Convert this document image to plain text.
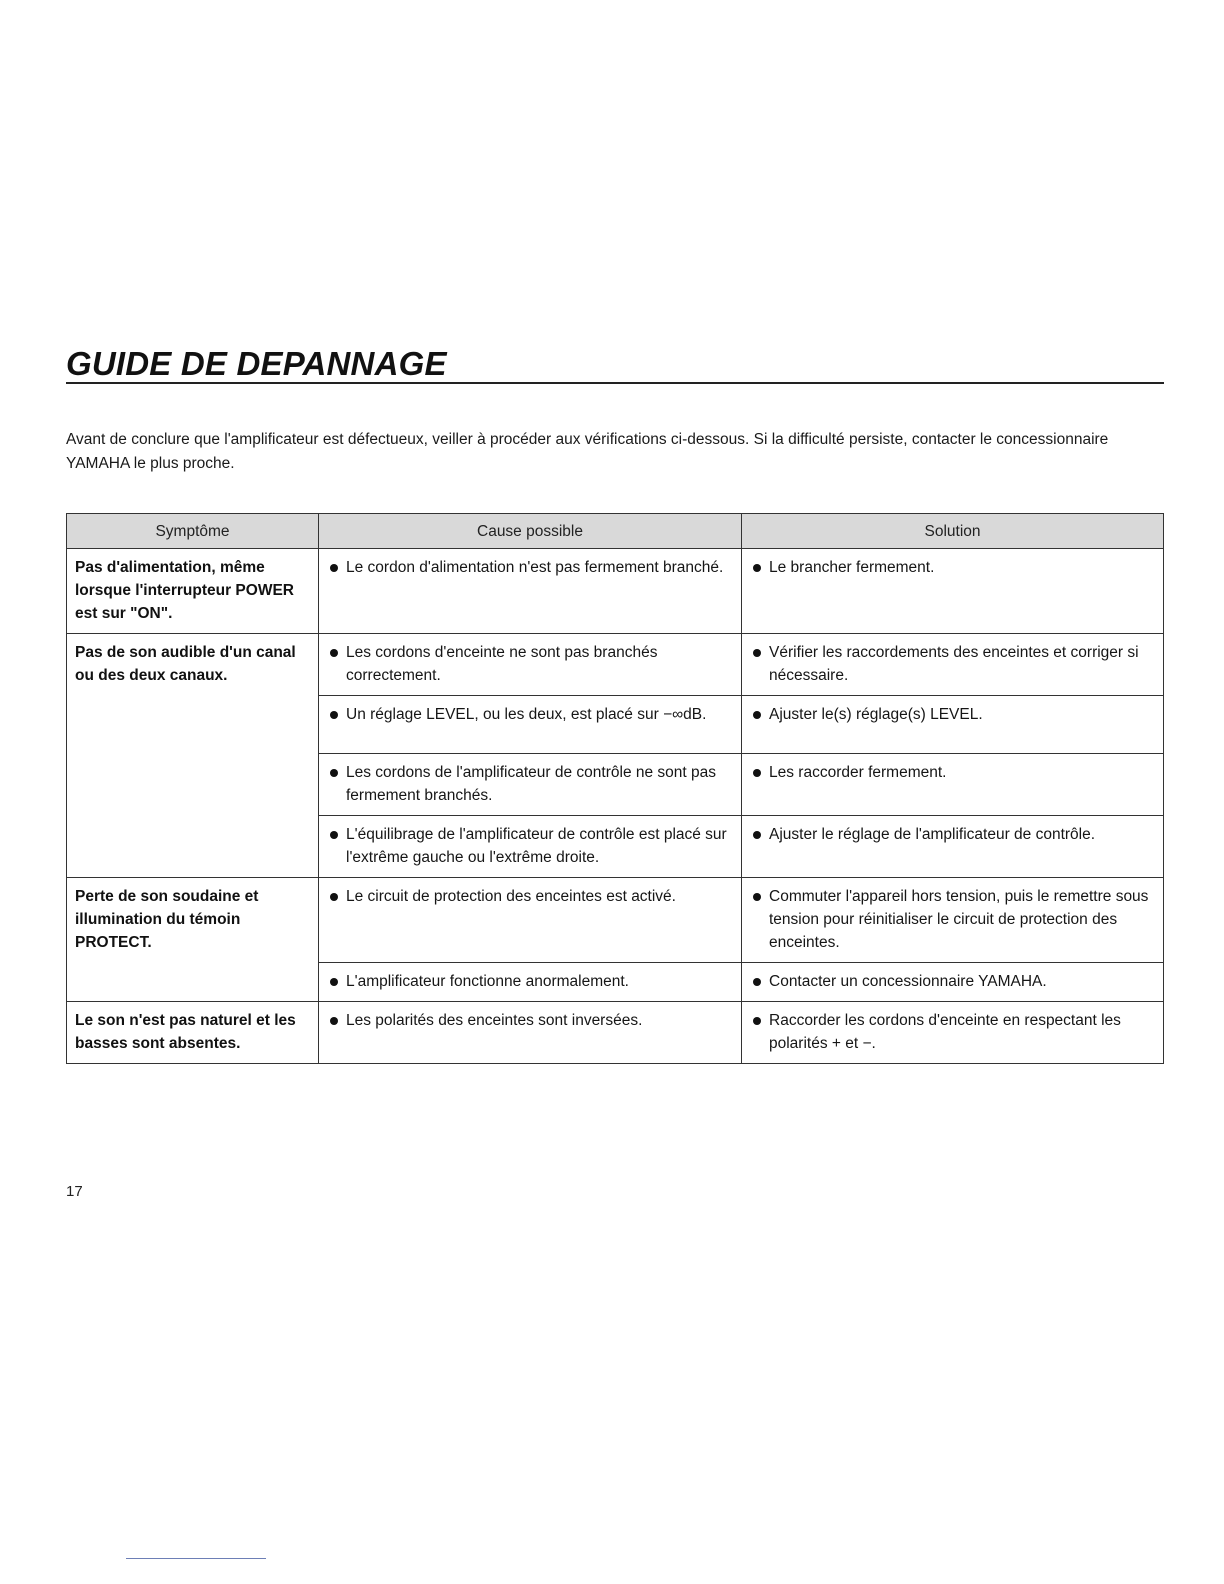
GUIDE DE DEPANNAGE

Avant de conclure que l'amplificateur est défectueux, veiller à procéder aux vérifications ci-dessous. Si la difficulté persiste, contacter le concessionnaire YAMAHA le plus proche.

Symptôme	Cause possible	Solution
Pas d'alimentation, même lorsque l'interrupteur POWER est sur "ON".	Le cordon d'alimentation n'est pas fermement branché.	Le brancher fermement.

Pas de son audible d'un canal ou des deux canaux.	Les cordons d'enceinte ne sont pas branchés correctement.	Vérifier les raccordements des enceintes et corriger si nécessaire.

	Un réglage LEVEL, ou les deux, est placé sur −∞dB.	Ajuster le(s) réglage(s) LEVEL.

	Les cordons de l'amplificateur de contrôle ne sont pas fermement branchés.	Les raccorder fermement.

	L'équilibrage de l'amplificateur de contrôle est placé sur l'extrême gauche ou l'extrême droite.	Ajuster le réglage de l'amplificateur de contrôle.

Perte de son soudaine et illumination du témoin PROTECT.	Le circuit de protection des enceintes est activé.	Commuter l'appareil hors tension, puis le remettre sous tension pour réinitialiser le circuit de protection des enceintes.

	L'amplificateur fonctionne anormalement.	Contacter un concessionnaire YAMAHA.

Le son n'est pas naturel et les basses sont absentes.	Les polarités des enceintes sont inversées.	Raccorder les cordons d'enceinte en respectant les polarités + et −.
17
